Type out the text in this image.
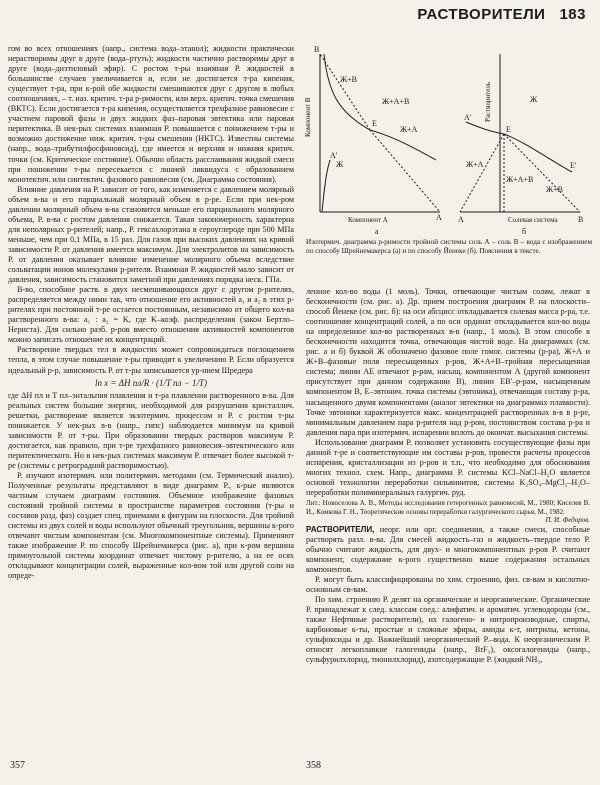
РАСТВОРИТЕЛИ 183

гом во всех отношениях (напр., система вода–этанол); жидкости практически нерастворимы друг в друге (вода–ртуть); жидкости частично растворимы друг в друге (вода–диэтиловый эфир). С ростом т-ры взаимная Р. жидкостей в большинстве случаев увеличивается и, если не достигается т-ра кипения, существует т-ра, при к-рой обе жидкости смешиваются друг с другом в любых соотношениях, – т. наз. критич. т-ра р-римости, или верх. критич. точка смешения (ВКТС). Если достигается т-ра кипения, осуществляется трехфазное равновесие с участием паровой фазы и двух жидких фаз–паровая эвтектика или паровая перитектика. В нек-рых системах взаимная Р. повышается с понижением т-ры и возможно достижение ниж. критич. т-ры смешения (НКТС). Известны системы (напр., вода–трибутилфосфиновсид), где имеется и верхняя и нижняя критич. точки (см. Критическое состояние). Обычно область расслаивания жидкой смеси при понижении т-ры пересекается с линией ликвидуса с образованием монотектич. или синтектич. фазового равновесия (см. Диаграмма состояния).

Влияние давления на Р. зависит от того, как изменяется с давлением молярный объем в-ва и его парциальный молярный объем в р-ре. Если при нек-ром давлении молярный объем в-ва становится меньше его парциального молярного объема, Р. в-ва с ростом давления снижается. Такая закономерность характерна для неполярных р-рителей; напр., Р. гексахлорэтана в сероуглероде при 500 МПа меньше, чем при 0,1 МПа, в 15 раз. Для газов при высоких давлениях на кривой зависимости Р. от давления имеется максимум. Для электролитов на зависимость Р. от давления оказывает влияние изменение молярного объема вследствие сольватации ионов молекулами р-рителя. Взаимная Р. жидкостей мало зависит от давления, зависимость становится заметной при давлениях порядка неск. ГПа.

В-во, способное раств. в двух несмешивающихся друг с другом р-рителях, распределяется между ними так, что отношение его активностей a₁ и a₂ в этих р-рителях при постоянной т-ре остается постоянным, независимо от общего кол-ва растворенного в-ва: a₁ : a₂ = K, где K–коэф. распределения (закон Бертло–Нернста). Для сильно разб. р-ров вместо отношения активностей компонентов можно записать отношение их концентраций.

Растворение твердых тел в жидкостях может сопровождаться поглощением тепла, в этом случае повышение т-ры приводит к увеличению Р. Если образуется идеальный р-р, зависимость Р. от т-ры записывается ур-нием Шредера

ln x = ΔH пл/R · (1/T пл − 1/T)

где ΔH пл и T пл–энтальпия плавления и т-ра плавления растворенного в-ва. Для реальных систем большие энергии, необходимой для разрушения кристаллич. решетки, растворение является экзотермич. процессом и Р. с ростом т-ры понижается. У нек-рых в-в (напр., гипс) наблюдается минимум на кривой зависимости Р. от т-ры. При образовании твердых растворов максимум Р. достигается, как правило, при т-ре трехфазного равновесия–эвтектического или перитектического. Но в нек-рых системах максимум Р. отвечает более высокой т-ре (системы с ретроградной растворимостью).

Р. изучают изотермич. или политермич. методами (см. Термический анализ). Полученные результаты представляют в виде диаграмм Р., к-рые являются частным случаем диаграмм состояния. Объемное изображение фазовых состояний тройной системы в пространстве параметров состояния (т-ры и составов разд. фаз) создает спец. приемами к фигурам на плоскости. Для тройной системы из двух солей и воды используют обычный треугольник, вершины к-рого отвечают чистым компонентам (см. Многокомпонентные системы). Применяют также изображение Р. по способу Шрейнемакерса (рис. а), при к-ром вершина прямоугольной системы координат отвечает чистому р-рителю, а на ее осях откладывают концентрации солей, выраженные кол-вом той или другой соли на опреде-

Компонент В
Компонент А
Ж+В
Ж
Ж+А
Ж+А+В
E
A
B
A'
а
Растворитель
А	Солевая система	В
Ж+А
Ж
Ж+В
Ж+А+В
E
E'
A'
б
Изотермич. диаграмма р-римости тройной системы соль А – соль В – вода с изображением по способу Шрейнемакерса (а) и по способу Йенеке (б). Пояснения в тексте.

ленное кол-во воды (1 моль). Точки, отвечающие чистым солям, лежат в бесконечности (см. рис. а). Др. прием построения диаграмм Р. на плоскости–способ Йенеке (см. рис. б): на оси абсцисс откладывается солевая масса р-ра, т.е. соотношение концентраций солей, а по оси ординат откладывается кол-во воды на определенное кол-во растворенных в-в (напр., 1 моль). В этом способе в бесконечности находится точка, отвечающая чистой воде. На диаграммах (см. рис. а и б) буквой Ж обозначено фазовое поле гомог. системы (р-ра), Ж+А и Ж+В–фазовые поля пересыщенных р-ров, Ж+А+В–тройная пересыщенная система; линии AE отвечают р-рам, насыщ. компонентом А (другой компонент присутствует при данном содержании В), линии EB'–р-рам, насыщенным компонентом В, E–эвтонич. точка системы (эвтоника), отвечающая составу р-ра, насыщенного двумя компонентами (аналог эвтектики на диаграммах плавкости). Точке эвтоники характеризуется макс. концентрацией растворенных в-в в р-ре, минимальным давлением пара р-рителя над р-ром, постоянством состава р-ра и давления пара при изотермич. испарении вплоть до окончат. высыхания системы.

Использование диаграмм Р. позволяет установить сосуществующие фазы при данной т-ре и соответствующие им составы р-ров, провести расчеты процессов испарения, кристаллизации из р-ров и т.п., что необходимо для обоснования многих технол. схем. Напр., диаграмма Р. системы KCl–NaCl–H₂O является основой технологии переработки сильвинитов, системы K₂SO₄–MgCl₂–H₂O–переработки полиминеральных галургич. руд.

Лит.: Новоселова А. В., Методы исследования гетерогенных равновесий, М., 1980; Киселев В. И., Комкова Г. Н., Теоретические основы переработки галургического сырья, М., 1982.
П. И. Федоров.

РАСТВОРИТЕЛИ, неорг. или орг. соединения, а также смеси, способные растворять разл. в-ва. Для смесей жидкость–газ и жидкость–твердое тело Р. обычно считают жидкость, для двух- и многокомпонентных р-ров Р. считают компонент, содержание к-рого существенно выше содержания остальных компонентов.

Р. могут быть классифицированы по хим. строению, физ. св-вам и кислотно-основным св-вам.

По хим. строению Р. делят на органические и неорганические. Органические Р. принадлежат к след. классам соед.: алифатич. и ароматич. углеводороды (см., также Нефтяные растворители), их галогено- и нитропроизводные, спирты, карбоновые к-ты, простые и сложные эфиры, амиды к-т, нитрилы, кетоны, сульфоксиды и др. Важнейший неорганический Р.–вода. К неорганическим Р. относят легкоплавкие галогениды (напр., BrF₃), оксогалогениды (напр., сульфурилхлорид, тионилхлорид), азотсодержащие Р. (жидкий NH₃,

357	358
